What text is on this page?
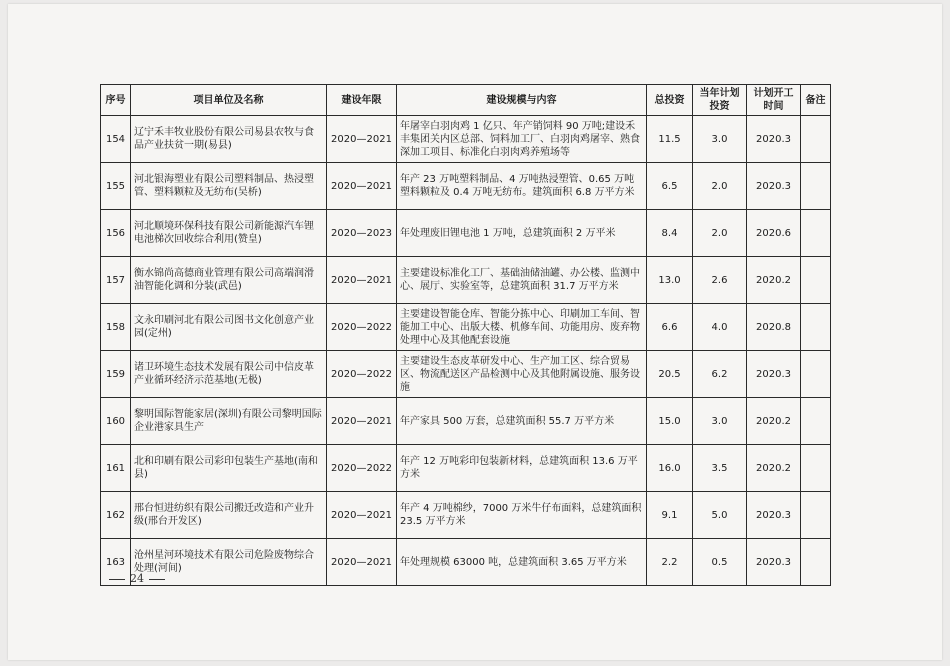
序号	项目单位及名称	建设年限	建设规模与内容	总投资	当年计划投资	计划开工时间	备注
154	辽宁禾丰牧业股份有限公司易县农牧与食品产业扶贫一期(易县)	2020—2021	年屠宰白羽肉鸡 1 亿只、年产销饲料 90 万吨;建设禾丰集团关内区总部、饲料加工厂、白羽肉鸡屠宰、熟食深加工项目、标准化白羽肉鸡养殖场等	11.5	3.0	2020.3	
155	河北银海塑业有限公司塑料制品、热浸塑管、塑料颗粒及无纺布(吴桥)	2020—2021	年产 23 万吨塑料制品、4 万吨热浸塑管、0.65 万吨塑料颗粒及 0.4 万吨无纺布。建筑面积 6.8 万平方米	6.5	2.0	2020.3	
156	河北顺境环保科技有限公司新能源汽车锂电池梯次回收综合利用(赞皇)	2020—2023	年处理废旧锂电池 1 万吨，总建筑面积 2 万平米	8.4	2.0	2020.6	
157	衡水锦尚高德商业管理有限公司高端润滑油智能化调和分装(武邑)	2020—2021	主要建设标准化工厂、基础油储油罐、办公楼、监测中心、展厅、实验室等，总建筑面积 31.7 万平方米	13.0	2.6	2020.2	
158	文永印刷河北有限公司图书文化创意产业园(定州)	2020—2022	主要建设智能仓库、智能分拣中心、印刷加工车间、智能加工中心、出版大楼、机修车间、功能用房、废弃物处理中心及其他配套设施	6.6	4.0	2020.8	
159	诸卫环境生态技术发展有限公司中信皮革产业循环经济示范基地(无极)	2020—2022	主要建设生态皮革研发中心、生产加工区、综合贸易区、物流配送区产品检测中心及其他附属设施、服务设施	20.5	6.2	2020.3	
160	黎明国际智能家居(深圳)有限公司黎明国际企业港家具生产	2020—2021	年产家具 500 万套，总建筑面积 55.7 万平方米	15.0	3.0	2020.2	
161	北和印刷有限公司彩印包装生产基地(南和县)	2020—2022	年产 12 万吨彩印包装新材料，总建筑面积 13.6 万平方米	16.0	3.5	2020.2	
162	邢台恒进纺织有限公司搬迁改造和产业升级(邢台开发区)	2020—2021	年产 4 万吨棉纱，7000 万米牛仔布面料，总建筑面积 23.5 万平方米	9.1	5.0	2020.3	
163	沧州星河环境技术有限公司危险废物综合处理(河间)	2020—2021	年处理规模 63000 吨，总建筑面积 3.65 万平方米	2.2	0.5	2020.3	
24
